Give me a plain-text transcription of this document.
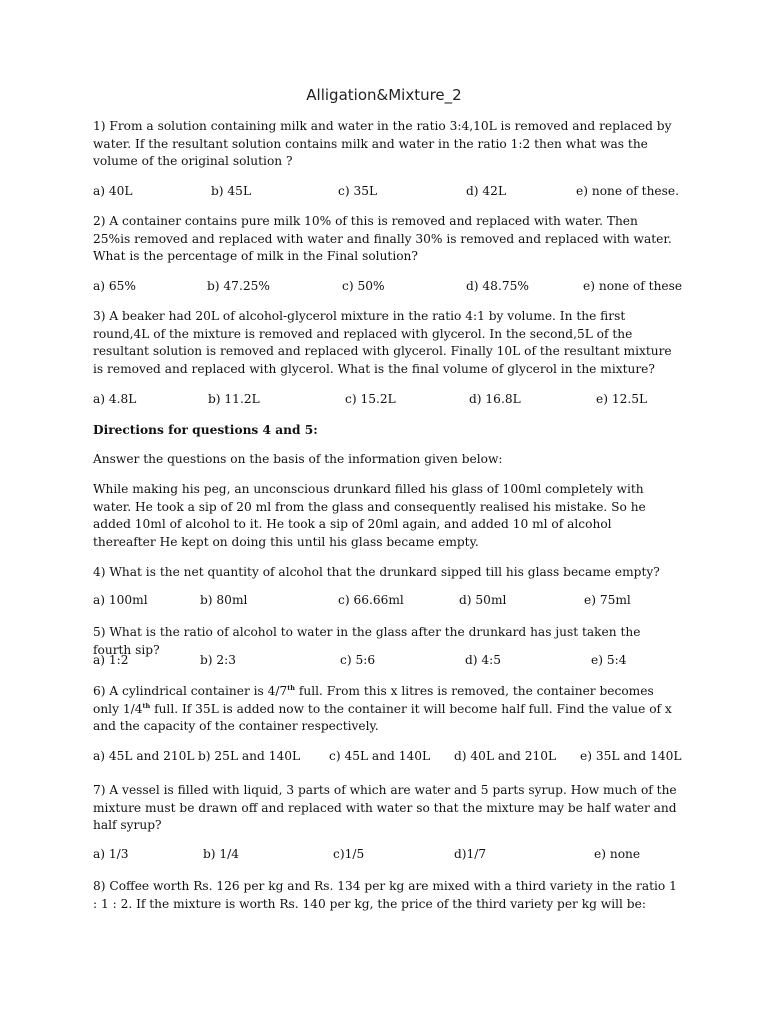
Alligation&Mixture_2

1) From a solution containing milk and water in the ratio 3:4,10L is removed and replaced by water. If the resultant solution contains milk and water in the ratio 1:2 then what was the volume of the original solution ?

a) 40L	b) 45L	c) 35L	d) 42L	e) none of these.

2) A container contains pure milk 10% of this is removed and replaced with water. Then 25%is removed and replaced with water and finally 30% is removed and replaced with water. What is the percentage of milk in the Final solution?

a) 65%	b) 47.25%	c) 50%	d) 48.75%	e) none of these

3) A beaker had 20L of alcohol-glycerol mixture in the ratio 4:1 by volume. In the first round,4L of the mixture is removed and replaced with glycerol. In the second,5L of the resultant solution is removed and replaced with glycerol. Finally 10L of the resultant mixture is removed and replaced with glycerol. What is the final volume of glycerol in the mixture?

a) 4.8L	b) 11.2L	c) 15.2L	d) 16.8L	e) 12.5L

Directions for questions 4 and 5:

Answer the questions on the basis of the information given below:

While making his peg, an unconscious drunkard filled his glass of 100ml completely with water. He took a sip of 20 ml from the glass and consequently realised his mistake. So he added 10ml of alcohol to it. He took a sip of 20ml again, and added 10 ml of alcohol thereafter He kept on doing this until his glass became empty.

4) What is the net quantity of alcohol that the drunkard sipped till his glass became empty?

a) 100ml	b) 80ml	c) 66.66ml	d) 50ml	e) 75ml

5) What is the ratio of alcohol to water in the glass after the drunkard has just taken the fourth sip?

a) 1:2	b) 2:3	c) 5:6	d) 4:5	e) 5:4

6) A cylindrical container is 4/7th full. From this x litres is removed, the container becomes only 1/4th full. If 35L is added now to the container it will become half full. Find the value of x and the capacity of the container respectively.

a) 45L and 210L b) 25L and 140L c) 45L and 140L d) 40L and 210L e) 35L and 140L

7) A vessel is filled with liquid, 3 parts of which are water and 5 parts syrup. How much of the mixture must be drawn off and replaced with water so that the mixture may be half water and half syrup?

a) 1/3	b) 1/4	c)1/5	d)1/7	e) none

8) Coffee worth Rs. 126 per kg and Rs. 134 per kg are mixed with a third variety in the ratio 1 : 1 : 2. If the mixture is worth Rs. 140 per kg, the price of the third variety per kg will be:
